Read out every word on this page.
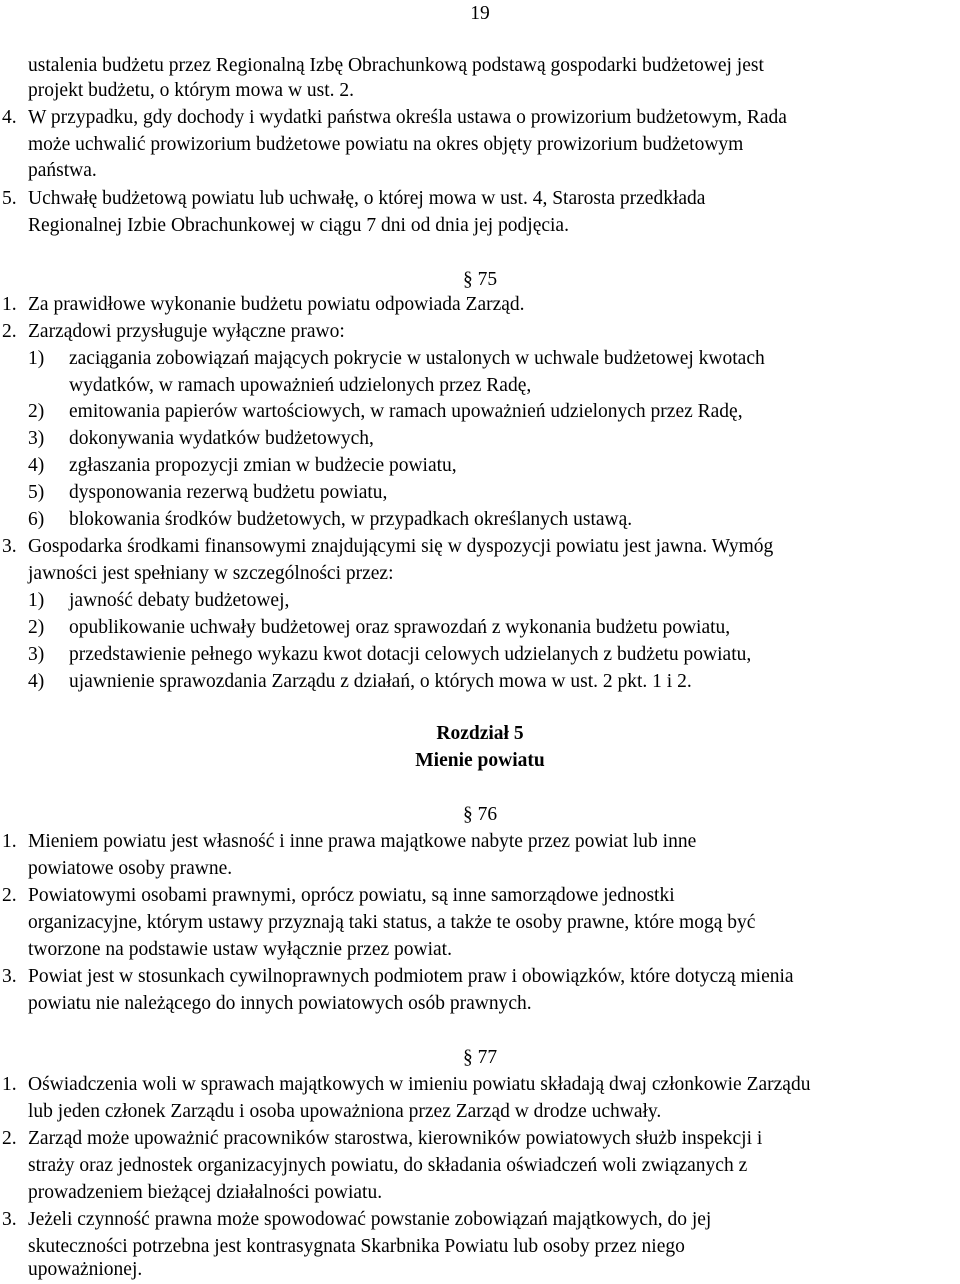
19
ustalenia budżetu przez Regionalną Izbę Obrachunkową podstawą gospodarki budżetowej jest
projekt budżetu, o którym mowa w ust. 2.
4. W przypadku, gdy dochody i wydatki państwa określa ustawa o prowizorium budżetowym, Rada
może uchwalić prowizorium budżetowe powiatu na okres objęty prowizorium budżetowym
państwa.
5. Uchwałę budżetową powiatu lub uchwałę, o której mowa w ust. 4, Starosta przedkłada
Regionalnej Izbie Obrachunkowej w ciągu 7 dni od dnia jej podjęcia.
§ 75
1. Za prawidłowe wykonanie budżetu powiatu odpowiada Zarząd.
2. Zarządowi przysługuje wyłączne prawo:
1) zaciągania zobowiązań mających pokrycie w ustalonych w uchwale budżetowej kwotach
wydatków, w ramach upoważnień udzielonych przez Radę,
2) emitowania papierów wartościowych, w ramach upoważnień udzielonych przez Radę,
3) dokonywania wydatków budżetowych,
4) zgłaszania propozycji zmian w budżecie powiatu,
5) dysponowania rezerwą budżetu powiatu,
6) blokowania środków budżetowych, w przypadkach określanych ustawą.
3. Gospodarka środkami finansowymi znajdującymi się w dyspozycji powiatu jest jawna. Wymóg
jawności jest spełniany w szczególności przez:
1) jawność debaty budżetowej,
2) opublikowanie uchwały budżetowej oraz sprawozdań z wykonania budżetu powiatu,
3) przedstawienie pełnego wykazu kwot dotacji celowych udzielanych z budżetu powiatu,
4) ujawnienie sprawozdania Zarządu z działań, o których mowa w ust. 2 pkt. 1 i 2.
Rozdział 5
Mienie powiatu
§ 76
1. Mieniem powiatu jest własność i inne prawa majątkowe nabyte przez powiat lub inne
powiatowe osoby prawne.
2. Powiatowymi osobami prawnymi, oprócz powiatu, są inne samorządowe jednostki
organizacyjne, którym ustawy przyznają taki status, a także te osoby prawne, które mogą być
tworzone na podstawie ustaw wyłącznie przez powiat.
3. Powiat jest w stosunkach cywilnoprawnych podmiotem praw i obowiązków, które dotyczą mienia
powiatu nie należącego do innych powiatowych osób prawnych.
§ 77
1. Oświadczenia woli w sprawach majątkowych w imieniu powiatu składają dwaj członkowie Zarządu
lub jeden członek Zarządu i osoba upoważniona przez Zarząd w drodze uchwały.
2. Zarząd może upoważnić pracowników starostwa, kierowników powiatowych służb inspekcji i
straży oraz jednostek organizacyjnych powiatu, do składania oświadczeń woli związanych z
prowadzeniem bieżącej działalności powiatu.
3. Jeżeli czynność prawna może spowodować powstanie zobowiązań majątkowych, do jej
skuteczności potrzebna jest kontrasygnata Skarbnika Powiatu lub osoby przez niego
upoważnionej.
